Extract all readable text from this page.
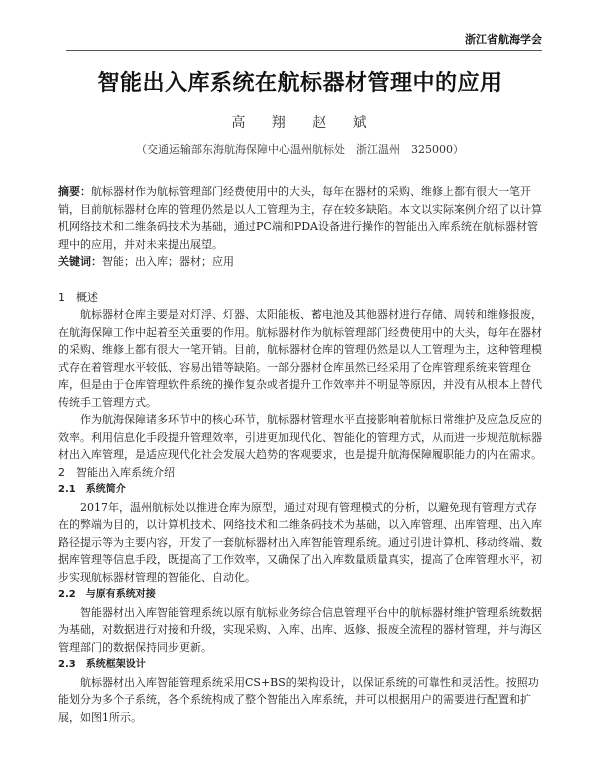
浙江省航海学会
智能出入库系统在航标器材管理中的应用
高 翔 赵 斌
（交通运输部东海航海保障中心温州航标处　浙江温州　325000）

摘要：航标器材作为航标管理部门经费使用中的大头，每年在器材的采购、维修上都有很大一笔开销，目前航标器材仓库的管理仍然是以人工管理为主，存在较多缺陷。本文以实际案例介绍了以计算机网络技术和二维条码技术为基础，通过PC端和PDA设备进行操作的智能出入库系统在航标器材管理中的应用，并对未来提出展望。

关键词：智能；出入库；器材；应用

1　概述

航标器材仓库主要是对灯浮、灯器、太阳能板、蓄电池及其他器材进行存储、周转和维修报废，在航海保障工作中起着至关重要的作用。航标器材作为航标管理部门经费使用中的大头，每年在器材的采购、维修上都有很大一笔开销。目前，航标器材仓库的管理仍然是以人工管理为主，这种管理模式存在着管理水平较低、容易出错等缺陷。一部分器材仓库虽然已经采用了仓库管理系统来管理仓库，但是由于仓库管理软件系统的操作复杂或者提升工作效率并不明显等原因，并没有从根本上替代传统手工管理方式。

作为航海保障诸多环节中的核心环节，航标器材管理水平直接影响着航标日常维护及应急反应的效率。利用信息化手段提升管理效率，引进更加现代化、智能化的管理方式，从而进一步规范航标器材出入库管理，是适应现代化社会发展大趋势的客观要求，也是提升航海保障履职能力的内在需求。

2　智能出入库系统介绍

2.1　系统简介

2017年，温州航标处以推进仓库为原型，通过对现有管理模式的分析，以避免现有管理方式存在的弊端为目的，以计算机技术、网络技术和二维条码技术为基础，以入库管理、出库管理、出入库路径提示等为主要内容，开发了一套航标器材出入库智能管理系统。通过引进计算机、移动终端、数据库管理等信息手段，既提高了工作效率，又确保了出入库数量质量真实，提高了仓库管理水平，初步实现航标器材管理的智能化、自动化。

2.2　与原有系统对接

智能器材出入库智能管理系统以原有航标业务综合信息管理平台中的航标器材维护管理系统数据为基础，对数据进行对接和升级，实现采购、入库、出库、返修、报废全流程的器材管理，并与海区管理部门的数据保持同步更新。

2.3　系统框架设计

航标器材出入库智能管理系统采用CS+BS的架构设计，以保证系统的可靠性和灵活性。按照功能划分为多个子系统，各个系统构成了整个智能出入库系统，并可以根据用户的需要进行配置和扩展，如图1所示。
